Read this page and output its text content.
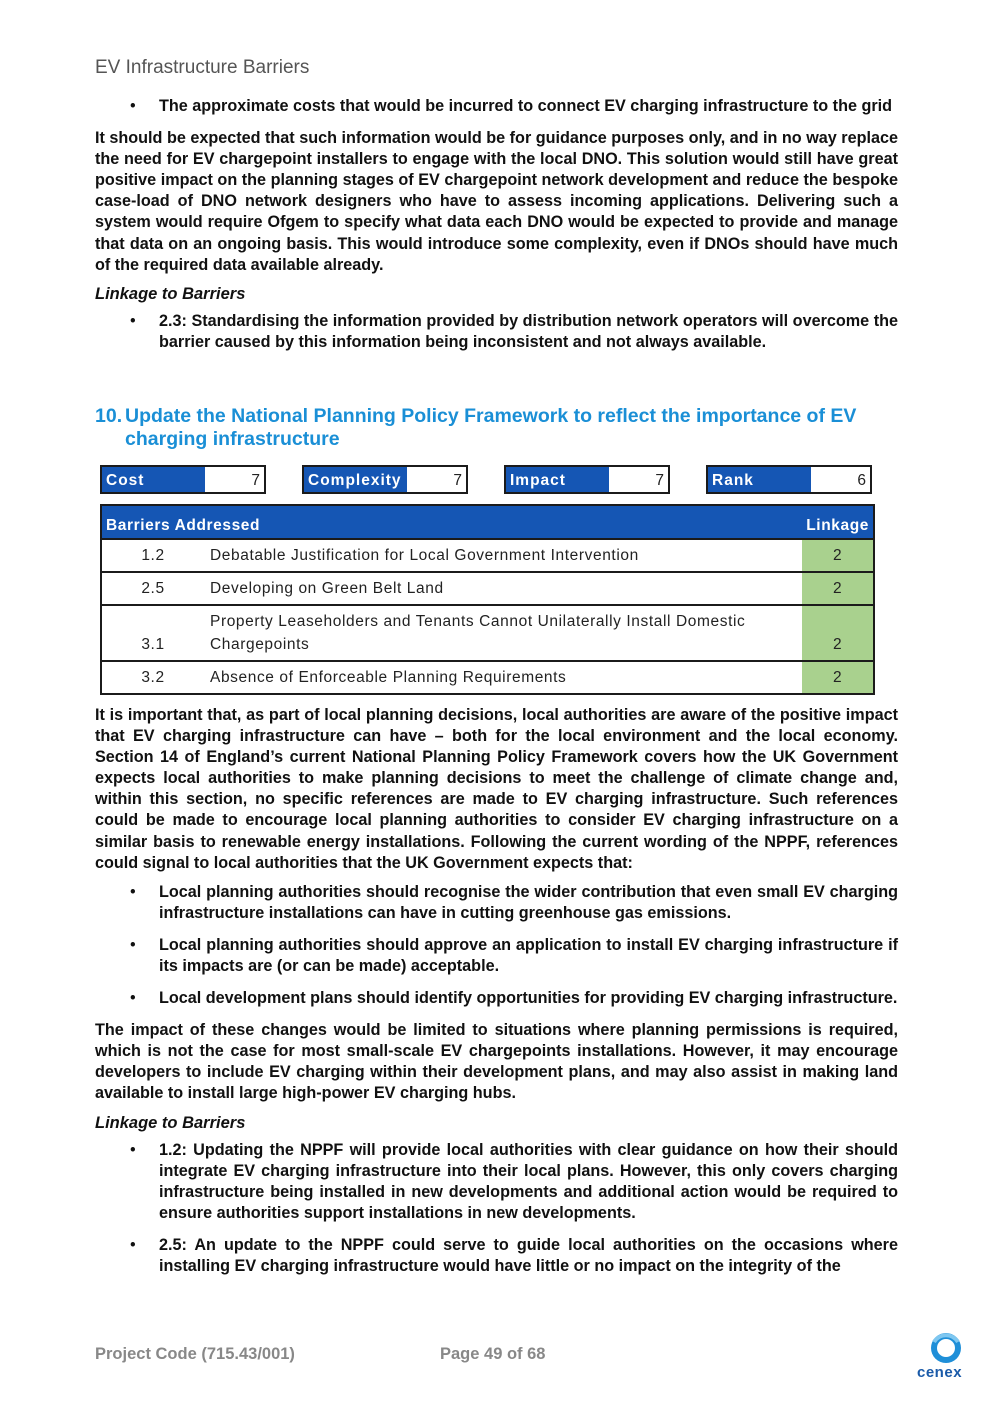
EV Infrastructure Barriers
• The approximate costs that would be incurred to connect EV charging infrastructure to the grid

It should be expected that such information would be for guidance purposes only, and in no way replace the need for EV chargepoint installers to engage with the local DNO. This solution would still have great positive impact on the planning stages of EV chargepoint network development and reduce the bespoke case-load of DNO network designers who have to assess incoming applications. Delivering such a system would require Ofgem to specify what data each DNO would be expected to provide and manage that data on an ongoing basis. This would introduce some complexity, even if DNOs should have much of the required data available already.

Linkage to Barriers
• 2.3: Standardising the information provided by distribution network operators will overcome the barrier caused by this information being inconsistent and not always available.
10. Update the National Planning Policy Framework to reflect the importance of EV charging infrastructure
Cost	7	Complexity	7	Impact	7	Rank	6
Barriers Addressed		Linkage
1.2	Debatable Justification for Local Government Intervention	2
2.5	Developing on Green Belt Land	2
3.1	Property Leaseholders and Tenants Cannot Unilaterally Install Domestic Chargepoints	2
3.2	Absence of Enforceable Planning Requirements	2

It is important that, as part of local planning decisions, local authorities are aware of the positive impact that EV charging infrastructure can have – both for the local environment and the local economy. Section 14 of England’s current National Planning Policy Framework covers how the UK Government expects local authorities to make planning decisions to meet the challenge of climate change and, within this section, no specific references are made to EV charging infrastructure. Such references could be made to encourage local planning authorities to consider EV charging infrastructure on a similar basis to renewable energy installations. Following the current wording of the NPPF, references could signal to local authorities that the UK Government expects that:

• Local planning authorities should recognise the wider contribution that even small EV charging infrastructure installations can have in cutting greenhouse gas emissions.
• Local planning authorities should approve an application to install EV charging infrastructure if its impacts are (or can be made) acceptable.
• Local development plans should identify opportunities for providing EV charging infrastructure.

The impact of these changes would be limited to situations where planning permissions is required, which is not the case for most small-scale EV chargepoints installations. However, it may encourage developers to include EV charging within their development plans, and may also assist in making land available to install large high-power EV charging hubs.

Linkage to Barriers
• 1.2: Updating the NPPF will provide local authorities with clear guidance on how their should integrate EV charging infrastructure into their local plans. However, this only covers charging infrastructure being installed in new developments and additional action would be required to ensure authorities support installations in new developments.
• 2.5: An update to the NPPF could serve to guide local authorities on the occasions where installing EV charging infrastructure would have little or no impact on the integrity of the
Project Code (715.43/001)	Page 49 of 68
cenex
